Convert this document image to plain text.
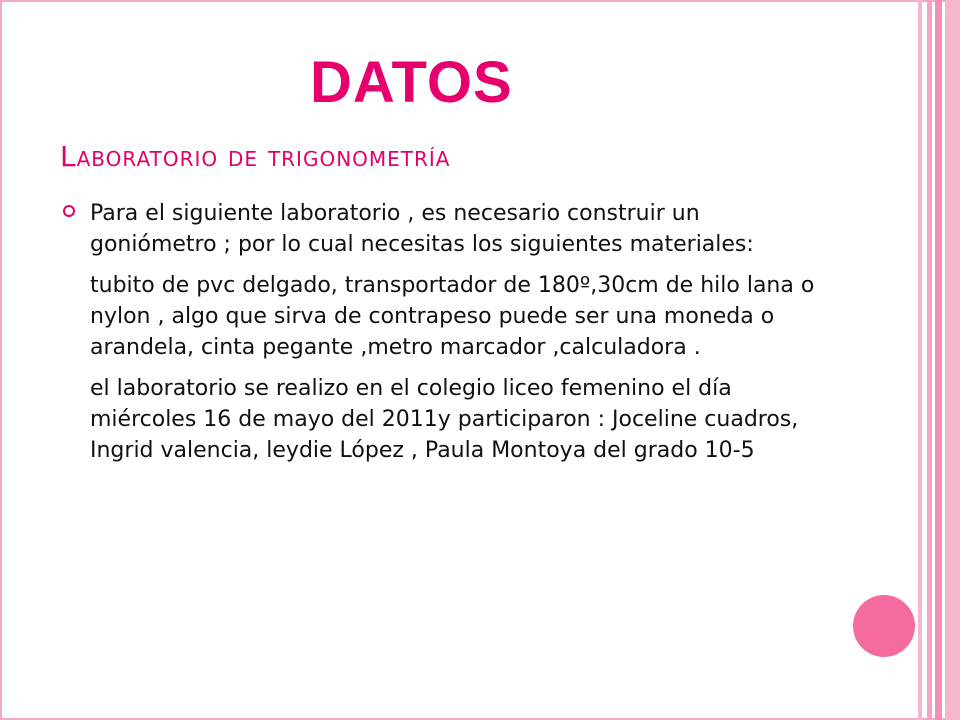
DATOS
Laboratorio de trigonometría

Para el siguiente laboratorio , es necesario construir un goniómetro ; por lo cual necesitas los siguientes materiales:

tubito de pvc delgado, transportador de 180º,30cm de hilo lana o nylon , algo que sirva de contrapeso puede ser una moneda o arandela, cinta pegante ,metro marcador ,calculadora .

el laboratorio se realizo en el colegio liceo femenino el día miércoles 16 de mayo del 2011y participaron : Joceline cuadros, Ingrid valencia, leydie López , Paula Montoya del grado 10-5
